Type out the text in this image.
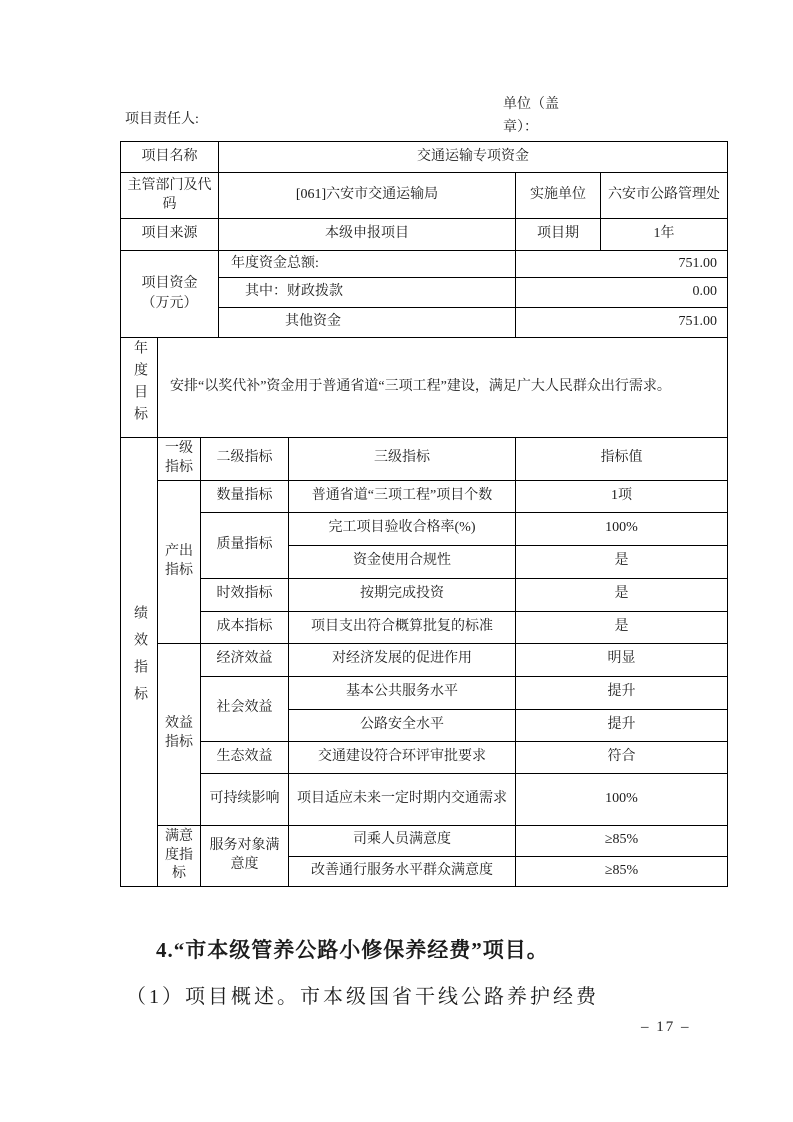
项目责任人:
单位（盖章）：
项目名称	交通运输专项资金		
主管部门及代码	[061]六安市交通运输局	实施单位	六安市公路管理处
项目来源	本级申报项目	项目期	1年

项目资金
（万元）	年度资金总额:	751.00	
	其中：财政拨款	0.00	
	其他资金	751.00	
年度目标	安排“以奖代补”资金用于普通省道“三项工程”建设，满足广大人民群众出行需求。
绩效指标	一级指标	二级指标	三级指标	指标值
	产出指标	数量指标	普通省道“三项工程”项目个数	1项
		质量指标	完工项目验收合格率(%)	100%
			资金使用合规性	是
		时效指标	按期完成投资	是
		成本指标	项目支出符合概算批复的标准	是
	效益指标	经济效益	对经济发展的促进作用	明显
		社会效益	基本公共服务水平	提升
			公路安全水平	提升
		生态效益	交通建设符合环评审批要求	符合
		可持续影响	项目适应未来一定时期内交通需求	100%
	满意度指标	服务对象满意度	司乘人员满意度	≥85%
			改善通行服务水平群众满意度	≥85%
4.“市本级管养公路小修保养经费”项目。
（1）项目概述。市本级国省干线公路养护经费
– 17 –
